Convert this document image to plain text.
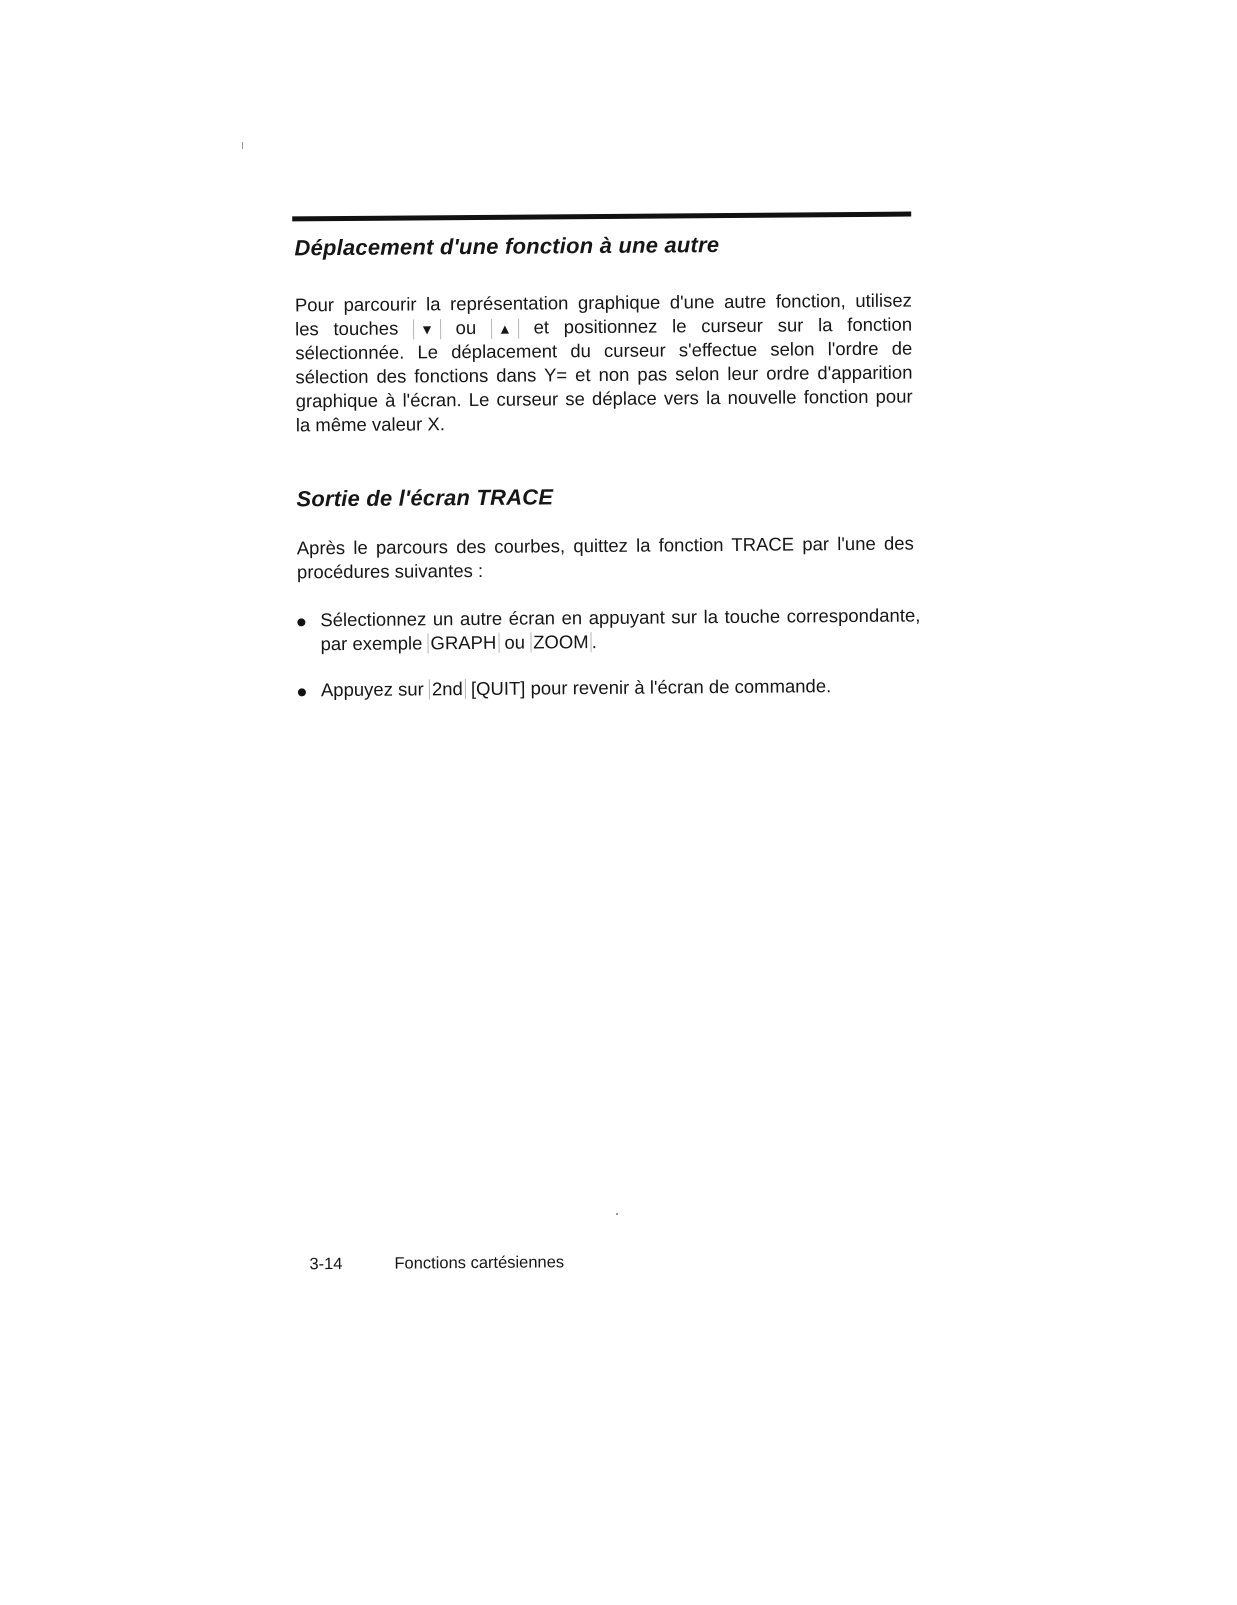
Déplacement d'une fonction à une autre
Pour parcourir la représentation graphique d'une autre fonction, utilisez
les touches ▼ ou ▲ et positionnez le curseur sur la fonction
sélectionnée. Le déplacement du curseur s'effectue selon l'ordre de
sélection des fonctions dans Y= et non pas selon leur ordre d'apparition
graphique à l'écran. Le curseur se déplace vers la nouvelle fonction pour
la même valeur X.
Sortie de l'écran TRACE
Après le parcours des courbes, quittez la fonction TRACE par l'une des
procédures suivantes :
Sélectionnez un autre écran en appuyant sur la touche correspondante,
par exemple GRAPH ou ZOOM .
Appuyez sur 2nd [QUIT] pour revenir à l'écran de commande.
3-14	Fonctions cartésiennes
